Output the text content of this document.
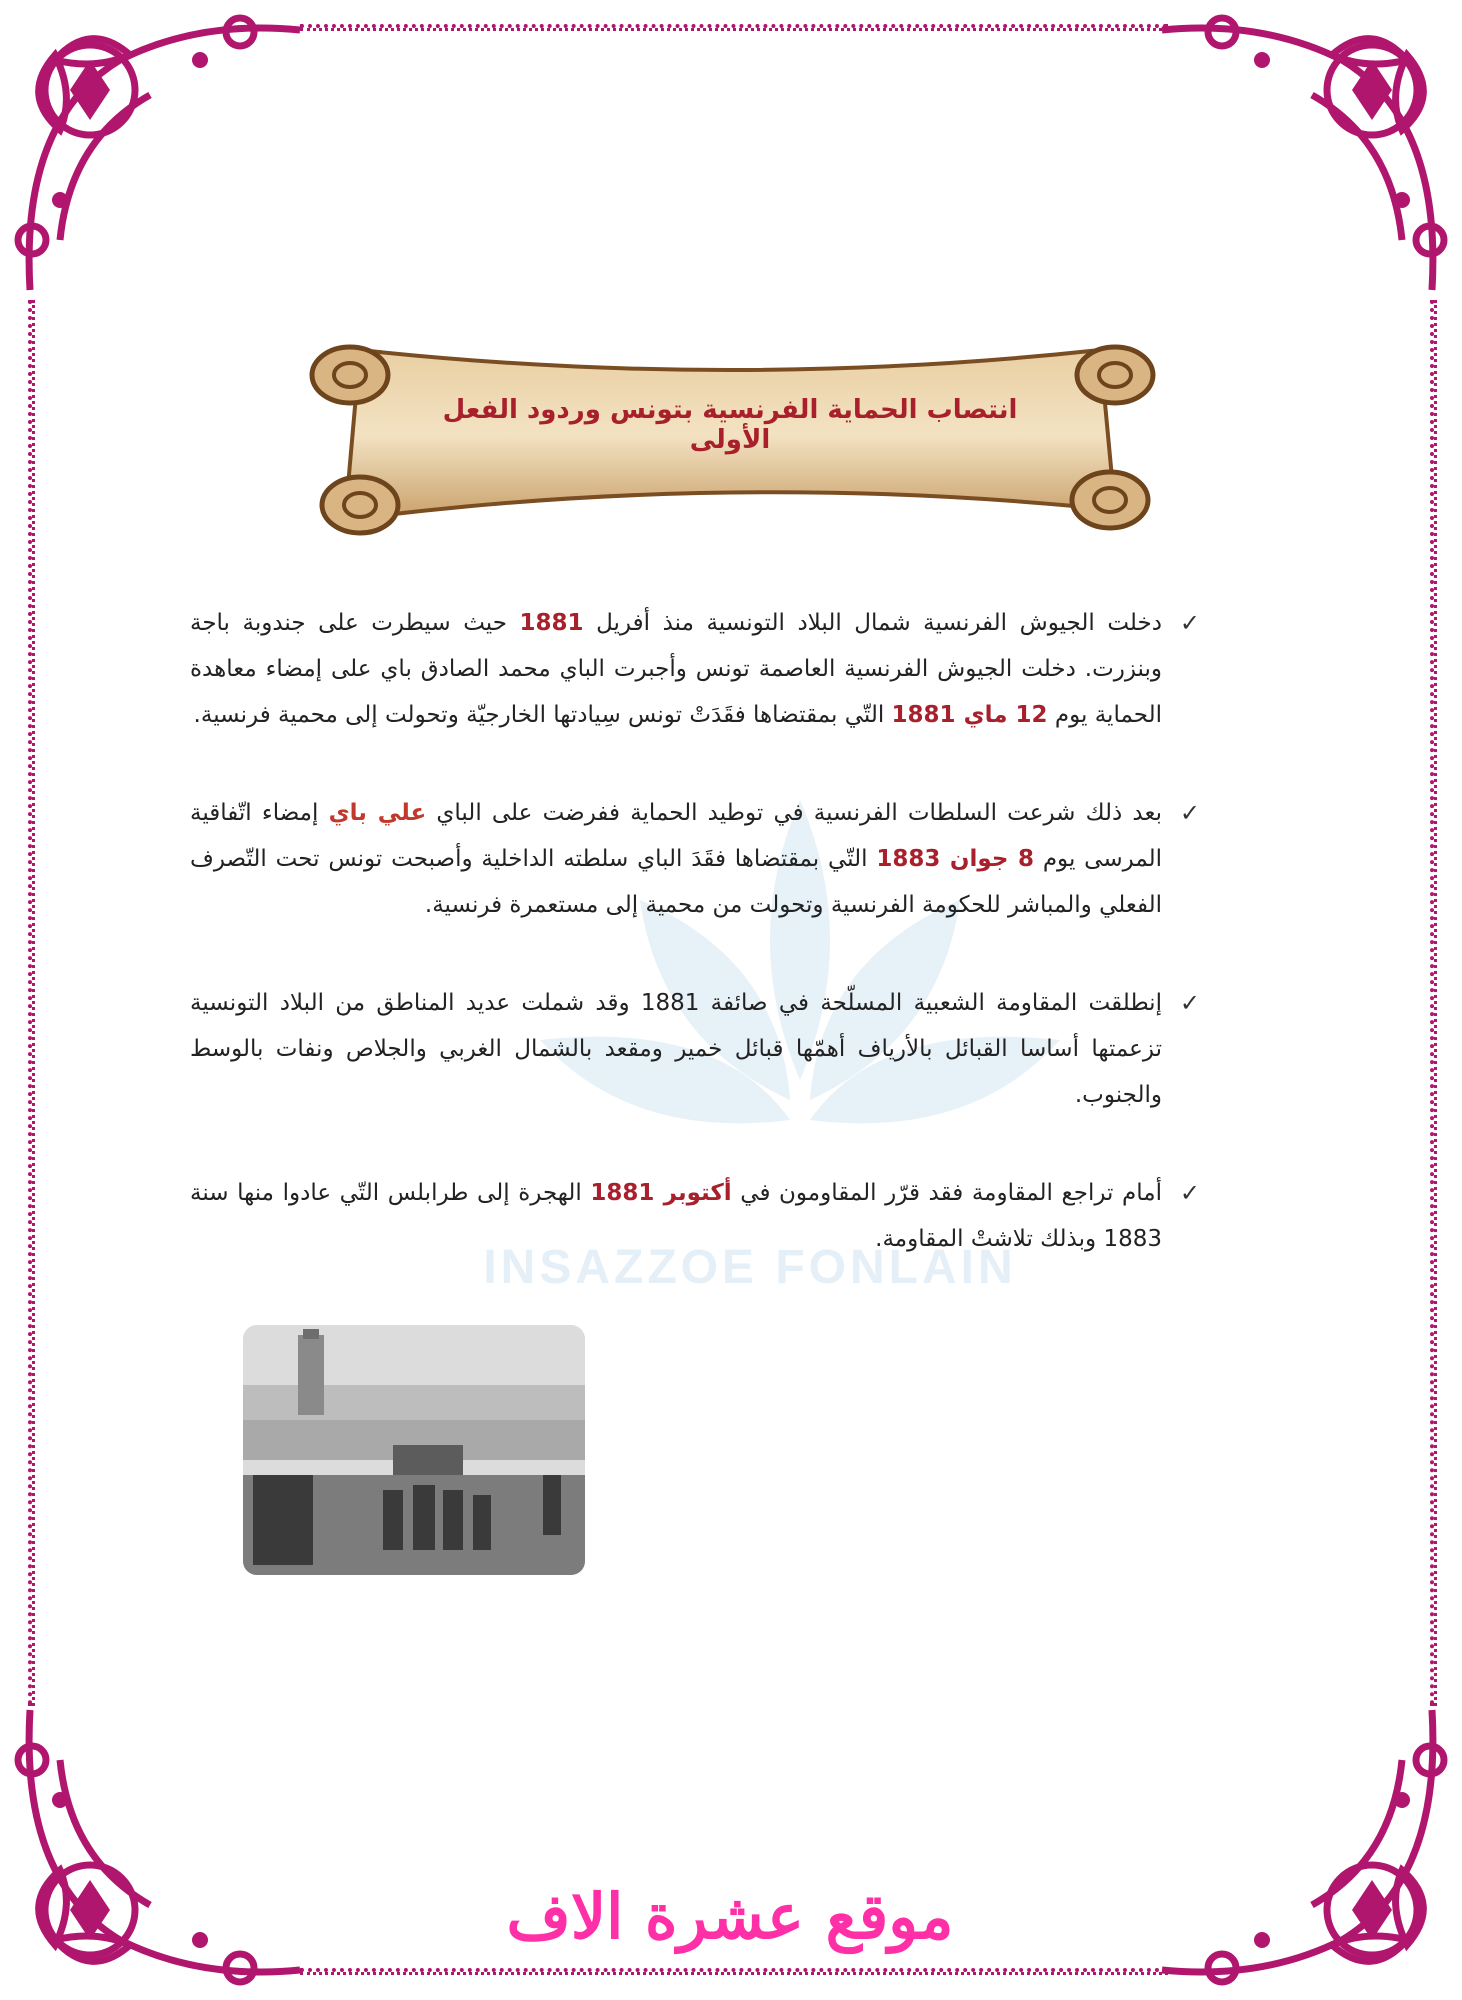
انتصاب الحماية الفرنسية بتونس وردود الفعل الأولى
INSAZZOE FONLAIN
✓
دخلت الجيوش الفرنسية شمال البلاد التونسية منذ أفريل 1881 حيث سيطرت على جندوبة باجة وبنزرت. دخلت الجيوش الفرنسية العاصمة تونس وأجبرت الباي محمد الصادق باي على إمضاء معاهدة الحماية يوم 12 ماي 1881 التّي بمقتضاها فقَدَتْ تونس سِيادتها الخارجيّة وتحولت إلى محمية فرنسية.
✓
بعد ذلك شرعت السلطات الفرنسية في توطيد الحماية ففرضت على الباي علي باي إمضاء اتّفاقية المرسى يوم 8 جوان 1883 التّي بمقتضاها فقَدَ الباي سلطته الداخلية وأصبحت تونس تحت التّصرف الفعلي والمباشر للحكومة الفرنسية وتحولت من محمية إلى مستعمرة فرنسية.
✓
إنطلقت المقاومة الشعبية المسلّحة في صائفة 1881 وقد شملت عديد المناطق من البلاد التونسية تزعمتها أساسا القبائل بالأرياف أهمّها قبائل خمير ومقعد بالشمال الغربي والجلاص ونفات بالوسط والجنوب.
✓
أمام تراجع المقاومة فقد قرّر المقاومون في أكتوبر 1881 الهجرة إلى طرابلس التّي عادوا منها سنة 1883 وبذلك تلاشتْ المقاومة.
موقع عشرة الاف
